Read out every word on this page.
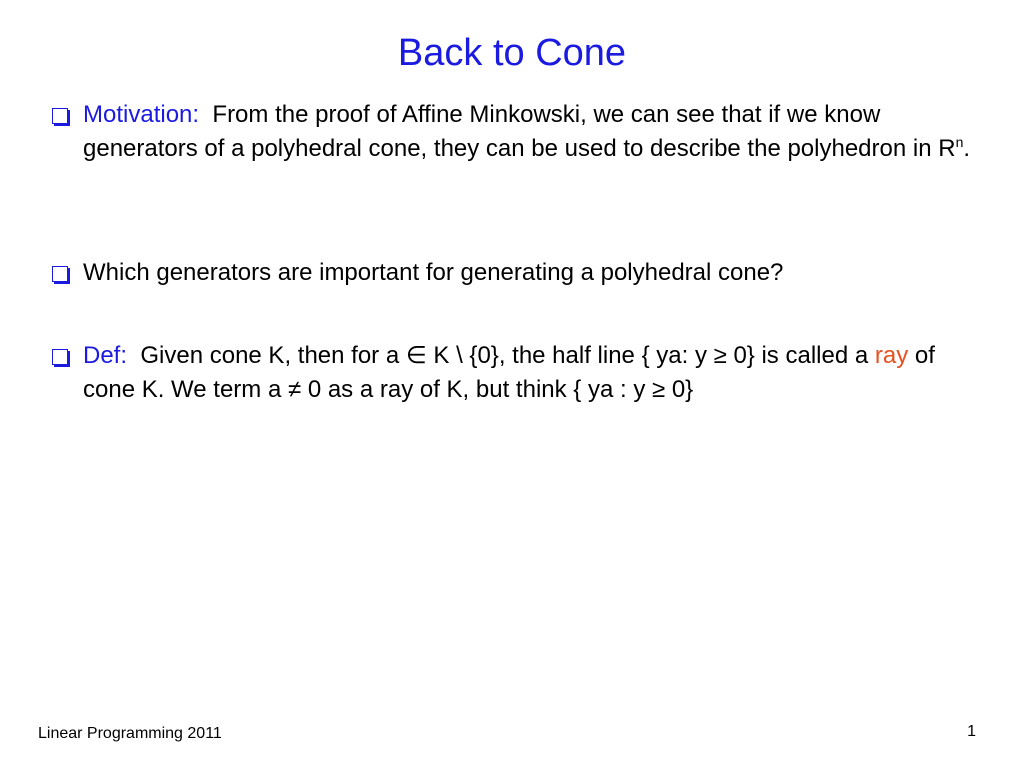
Back to Cone
Motivation: From the proof of Affine Minkowski, we can see that if we know generators of a polyhedral cone, they can be used to describe the polyhedron in $R^n$.
Which generators are important for generating a polyhedral cone?
Def: Given cone K, then for a ∈ K \ {0}, the half line { ya: y ≥ 0} is called a ray of cone K. We term a ≠ 0 as a ray of K, but think { ya : y ≥ 0}
Linear Programming 2011	1
